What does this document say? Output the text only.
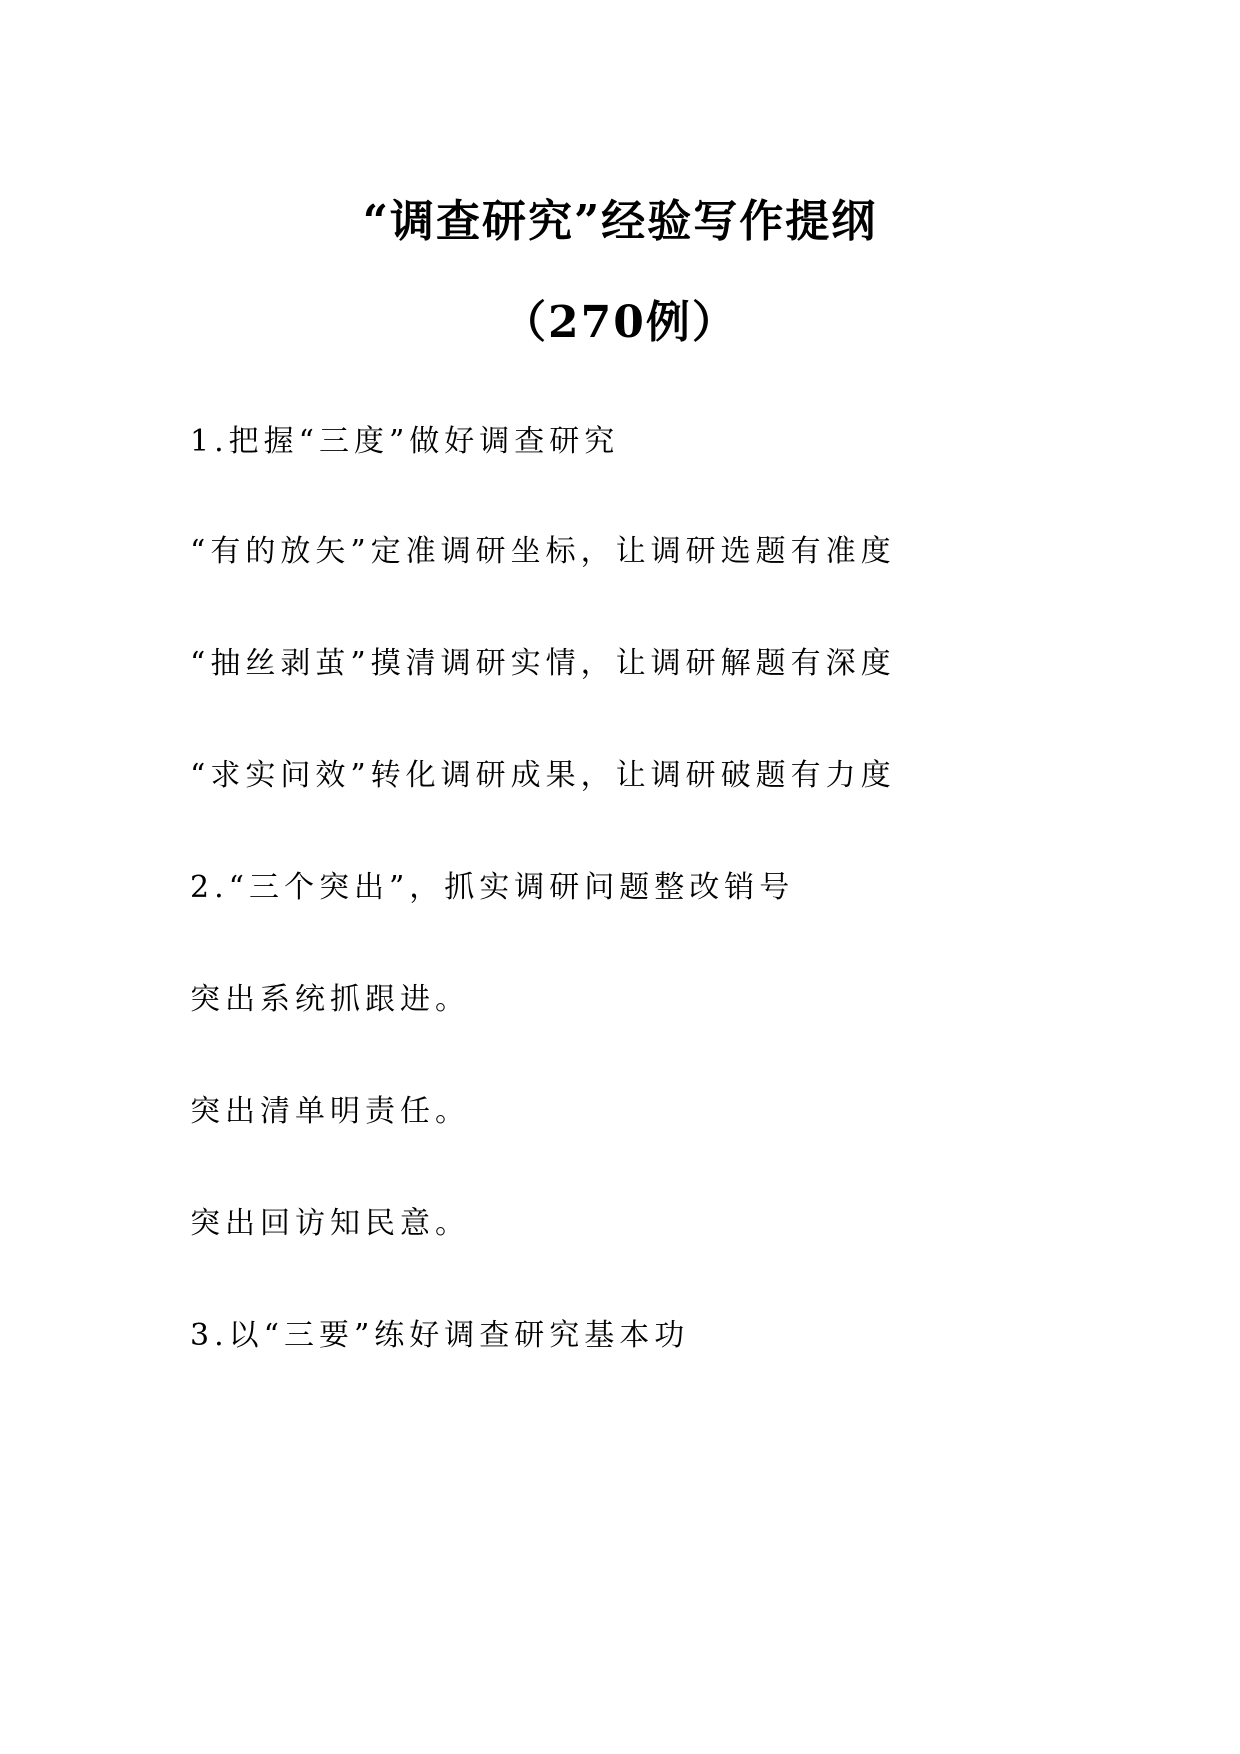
“调查研究”经验写作提纲
（270例）

1.把握“三度”做好调查研究

“有的放矢”定准调研坐标，让调研选题有准度

“抽丝剥茧”摸清调研实情，让调研解题有深度

“求实问效”转化调研成果，让调研破题有力度

2.“三个突出”，抓实调研问题整改销号

突出系统抓跟进。

突出清单明责任。

突出回访知民意。

3.以“三要”练好调查研究基本功
